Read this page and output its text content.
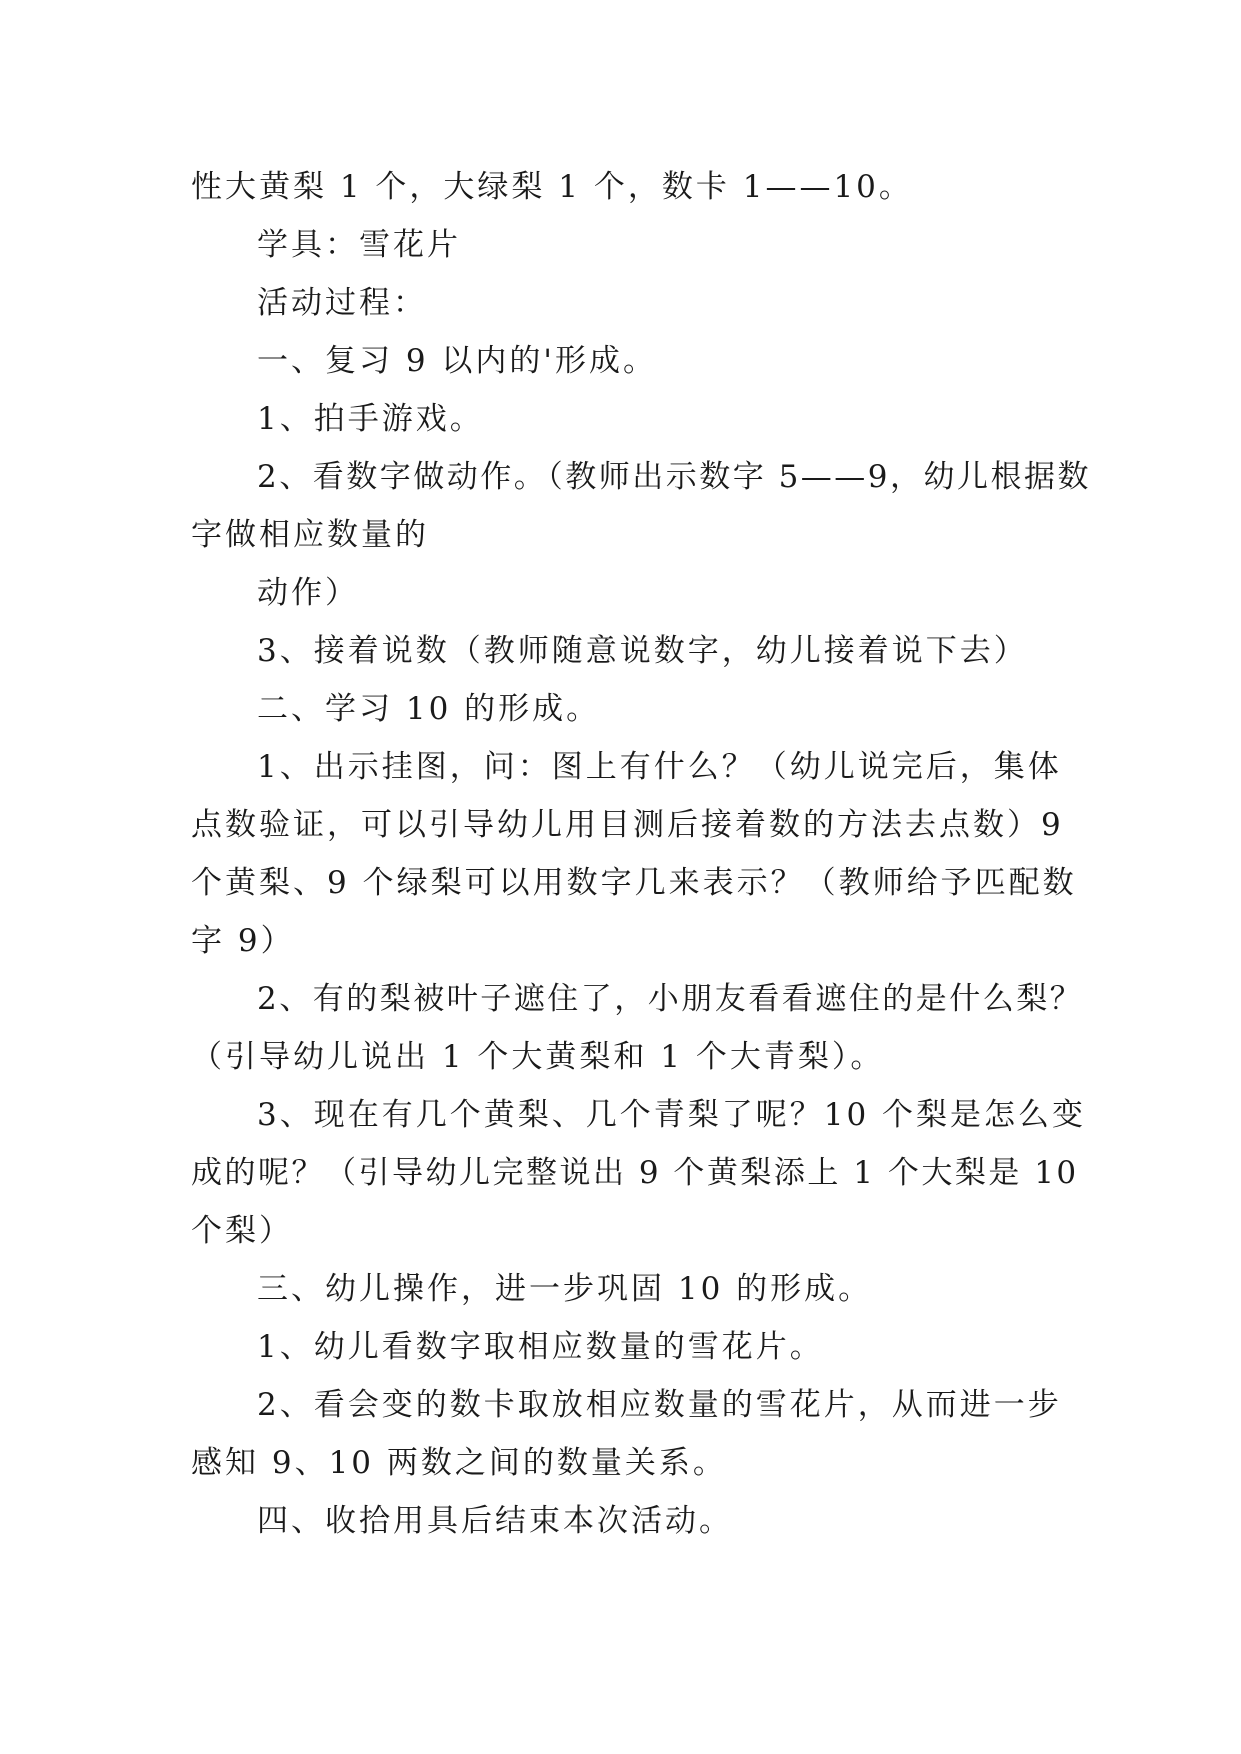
性大黄梨 1 个，大绿梨 1 个，数卡 1——10。
学具：雪花片
活动过程：
一、复习 9 以内的'形成。
1、拍手游戏。
2、看数字做动作。（教师出示数字 5——9，幼儿根据数
字做相应数量的
动作）
3、接着说数（教师随意说数字，幼儿接着说下去）
二、学习 10 的形成。
1、出示挂图，问：图上有什么？（幼儿说完后，集体
点数验证，可以引导幼儿用目测后接着数的方法去点数）9
个黄梨、9 个绿梨可以用数字几来表示？（教师给予匹配数
字 9）
2、有的梨被叶子遮住了，小朋友看看遮住的是什么梨？
（引导幼儿说出 1 个大黄梨和 1 个大青梨）。
3、现在有几个黄梨、几个青梨了呢？10 个梨是怎么变
成的呢？（引导幼儿完整说出 9 个黄梨添上 1 个大梨是 10
个梨）
三、幼儿操作，进一步巩固 10 的形成。
1、幼儿看数字取相应数量的雪花片。
2、看会变的数卡取放相应数量的雪花片，从而进一步
感知 9、10 两数之间的数量关系。
四、收拾用具后结束本次活动。
